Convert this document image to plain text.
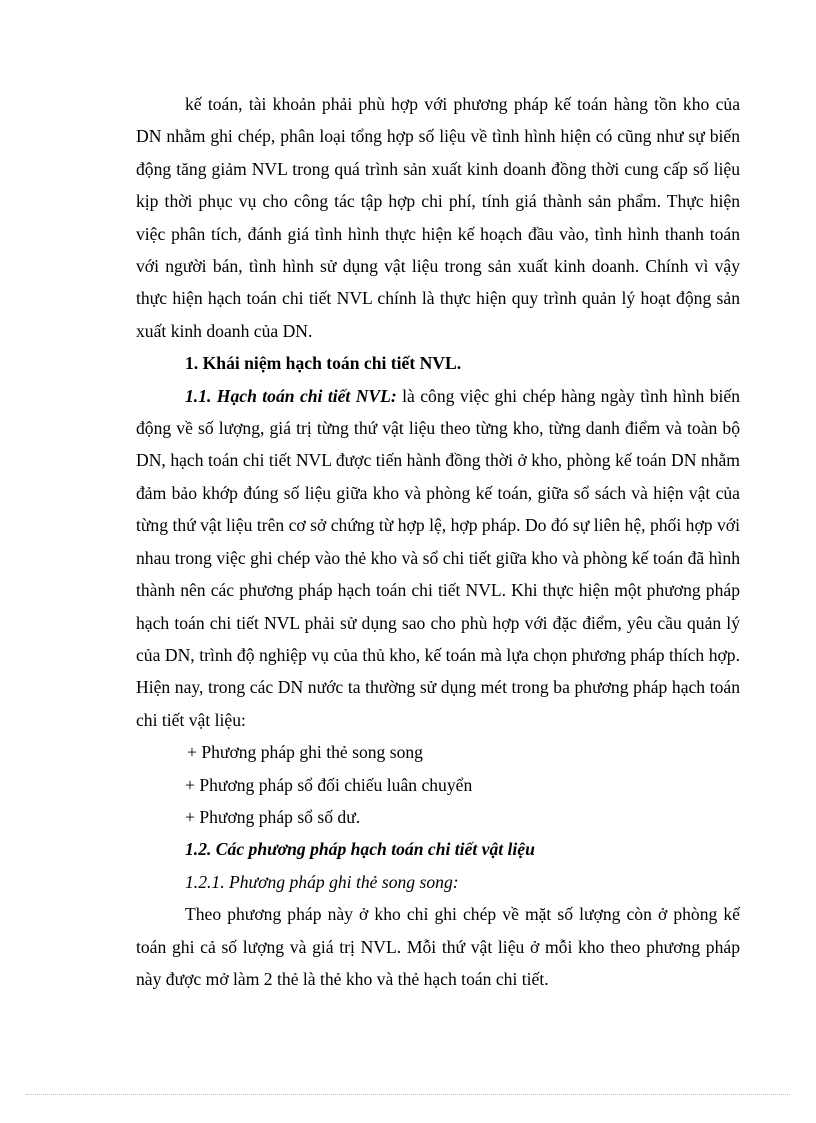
kế toán, tài khoản phải phù hợp với phương pháp kế toán hàng tồn kho của DN nhằm ghi chép, phân loại tổng hợp số liệu về tình hình hiện có cũng như sự biến động tăng giảm NVL trong quá trình sản xuất kinh doanh đồng thời cung cấp số liệu kịp thời phục vụ cho công tác tập hợp chi phí, tính giá thành sản phẩm. Thực hiện việc phân tích, đánh giá tình hình thực hiện kế hoạch đầu vào, tình hình thanh toán với người bán, tình hình sử dụng vật liệu trong sản xuất kinh doanh. Chính vì vậy thực hiện hạch toán chi tiết NVL chính là thực hiện quy trình quản lý hoạt động sản xuất kinh doanh của DN.

1. Khái niệm hạch toán chi tiết NVL.

1.1. Hạch toán chi tiết NVL: là công việc ghi chép hàng ngày tình hình biến động về số lượng, giá trị từng thứ vật liệu theo từng kho, từng danh điểm và toàn bộ DN, hạch toán chi tiết NVL được tiến hành đồng thời ở kho, phòng kế toán DN nhằm đảm bảo khớp đúng số liệu giữa kho và phòng kế toán, giữa sổ sách và hiện vật của từng thứ vật liệu trên cơ sở chứng từ hợp lệ, hợp pháp. Do đó sự liên hệ, phối hợp với nhau trong việc ghi chép vào thẻ kho và sổ chi tiết giữa kho và phòng kế toán đã hình thành nên các phương pháp hạch toán chi tiết NVL. Khi thực hiện một phương pháp hạch toán chi tiết NVL phải sử dụng sao cho phù hợp với đặc điểm, yêu cầu quản lý của DN, trình độ nghiệp vụ của thủ kho, kế toán mà lựa chọn phương pháp thích hợp. Hiện nay, trong các DN nước ta thường sử dụng mét trong ba phương pháp hạch toán chi tiết vật liệu:

+ Phương pháp ghi thẻ song song

+ Phương pháp sổ đối chiếu luân chuyển

+ Phương pháp sổ số dư.

1.2. Các phương pháp hạch toán chi tiết vật liệu

1.2.1. Phương pháp ghi thẻ song song:

Theo phương pháp này ở kho chỉ ghi chép về mặt số lượng còn ở phòng kế toán ghi cả số lượng và giá trị NVL. Mỗi thứ vật liệu ở mỗi kho theo phương pháp này được mở làm 2 thẻ là thẻ kho và thẻ hạch toán chi tiết.
